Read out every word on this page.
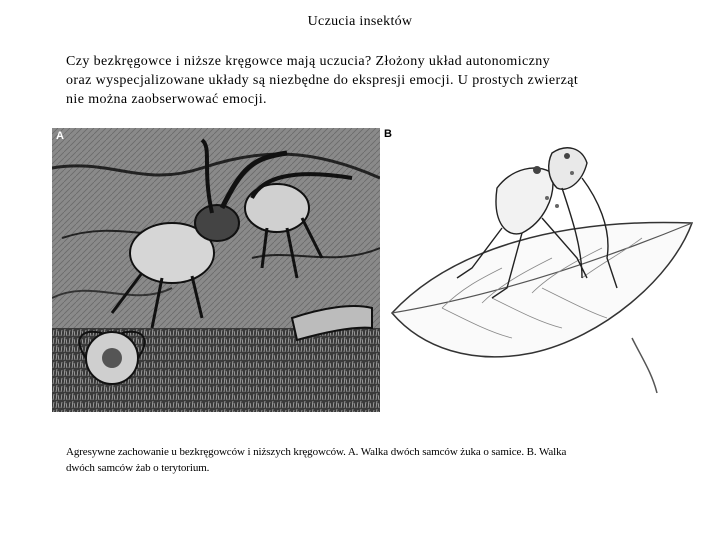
Uczucia insektów
Czy bezkręgowce i niższe kręgowce mają uczucia? Złożony układ autonomiczny
oraz wyspecjalizowane układy są niezbędne do ekspresji emocji. U prostych zwierząt
nie można zaobserwować emocji.
A	B
Agresywne zachowanie u bezkręgowców i niższych kręgowców. A. Walka dwóch samców żuka o samice. B. Walka
dwóch samców żab o terytorium.
